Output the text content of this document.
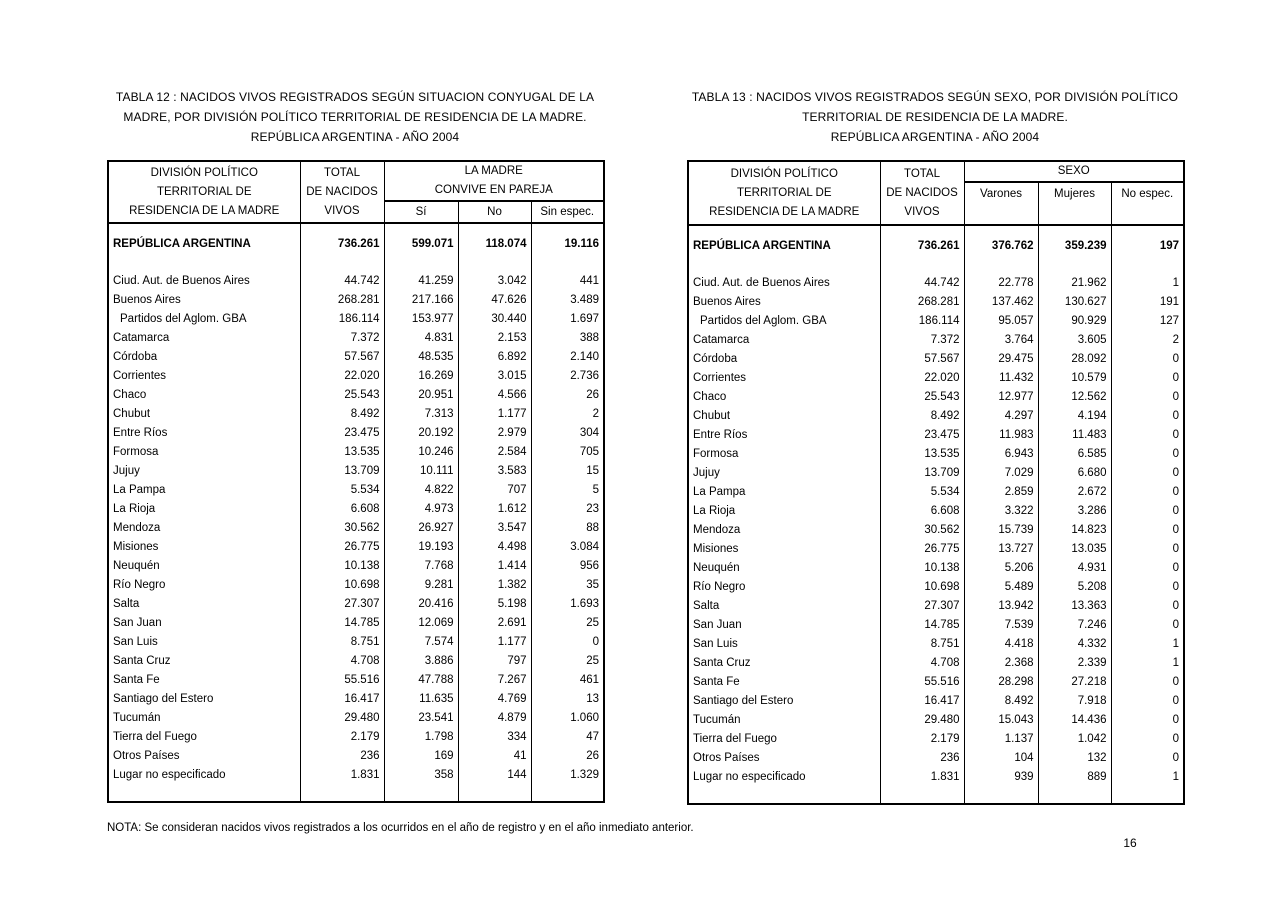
TABLA 12 : NACIDOS VIVOS REGISTRADOS SEGÚN SITUACION CONYUGAL DE LA
MADRE, POR DIVISIÓN POLÍTICO TERRITORIAL DE RESIDENCIA DE LA MADRE.
REPÚBLICA ARGENTINA - AÑO 2004
TABLA 13 : NACIDOS VIVOS REGISTRADOS SEGÚN SEXO, POR DIVISIÓN POLÍTICO
TERRITORIAL DE RESIDENCIA DE LA MADRE.
REPÚBLICA ARGENTINA - AÑO 2004
DIVISIÓN POLÍTICO
TERRITORIAL DE
RESIDENCIA DE LA MADRE	TOTAL
DE NACIDOS
VIVOS	LA MADRE
CONVIVE EN PAREJA		

		Sí	No	Sin espec.

REPÚBLICA ARGENTINA	736.261	599.071	118.074	19.116

Ciud. Aut. de Buenos Aires	44.742	41.259	3.042	441
Buenos Aires	268.281	217.166	47.626	3.489
Partidos del Aglom. GBA	186.114	153.977	30.440	1.697
Catamarca	7.372	4.831	2.153	388
Córdoba	57.567	48.535	6.892	2.140
Corrientes	22.020	16.269	3.015	2.736
Chaco	25.543	20.951	4.566	26
Chubut	8.492	7.313	1.177	2
Entre Ríos	23.475	20.192	2.979	304
Formosa	13.535	10.246	2.584	705
Jujuy	13.709	10.111	3.583	15
La Pampa	5.534	4.822	707	5
La Rioja	6.608	4.973	1.612	23
Mendoza	30.562	26.927	3.547	88
Misiones	26.775	19.193	4.498	3.084
Neuquén	10.138	7.768	1.414	956
Río Negro	10.698	9.281	1.382	35
Salta	27.307	20.416	5.198	1.693
San Juan	14.785	12.069	2.691	25
San Luis	8.751	7.574	1.177	0
Santa Cruz	4.708	3.886	797	25
Santa Fe	55.516	47.788	7.267	461
Santiago del Estero	16.417	11.635	4.769	13
Tucumán	29.480	23.541	4.879	1.060
Tierra del Fuego	2.179	1.798	334	47
Otros Países	236	169	41	26
Lugar no especificado	1.831	358	144	1.329

DIVISIÓN POLÍTICO
TERRITORIAL DE
RESIDENCIA DE LA MADRE	TOTAL
DE NACIDOS
VIVOS	SEXO		

		Varones	Mujeres	No espec.

REPÚBLICA ARGENTINA	736.261	376.762	359.239	197

Ciud. Aut. de Buenos Aires	44.742	22.778	21.962	1
Buenos Aires	268.281	137.462	130.627	191
Partidos del Aglom. GBA	186.114	95.057	90.929	127
Catamarca	7.372	3.764	3.605	2
Córdoba	57.567	29.475	28.092	0
Corrientes	22.020	11.432	10.579	0
Chaco	25.543	12.977	12.562	0
Chubut	8.492	4.297	4.194	0
Entre Ríos	23.475	11.983	11.483	0
Formosa	13.535	6.943	6.585	0
Jujuy	13.709	7.029	6.680	0
La Pampa	5.534	2.859	2.672	0
La Rioja	6.608	3.322	3.286	0
Mendoza	30.562	15.739	14.823	0
Misiones	26.775	13.727	13.035	0
Neuquén	10.138	5.206	4.931	0
Río Negro	10.698	5.489	5.208	0
Salta	27.307	13.942	13.363	0
San Juan	14.785	7.539	7.246	0
San Luis	8.751	4.418	4.332	1
Santa Cruz	4.708	2.368	2.339	1
Santa Fe	55.516	28.298	27.218	0
Santiago del Estero	16.417	8.492	7.918	0
Tucumán	29.480	15.043	14.436	0
Tierra del Fuego	2.179	1.137	1.042	0
Otros Países	236	104	132	0
Lugar no especificado	1.831	939	889	1

NOTA: Se consideran nacidos vivos registrados a los ocurridos en el año de registro y en el año inmediato anterior.
16
